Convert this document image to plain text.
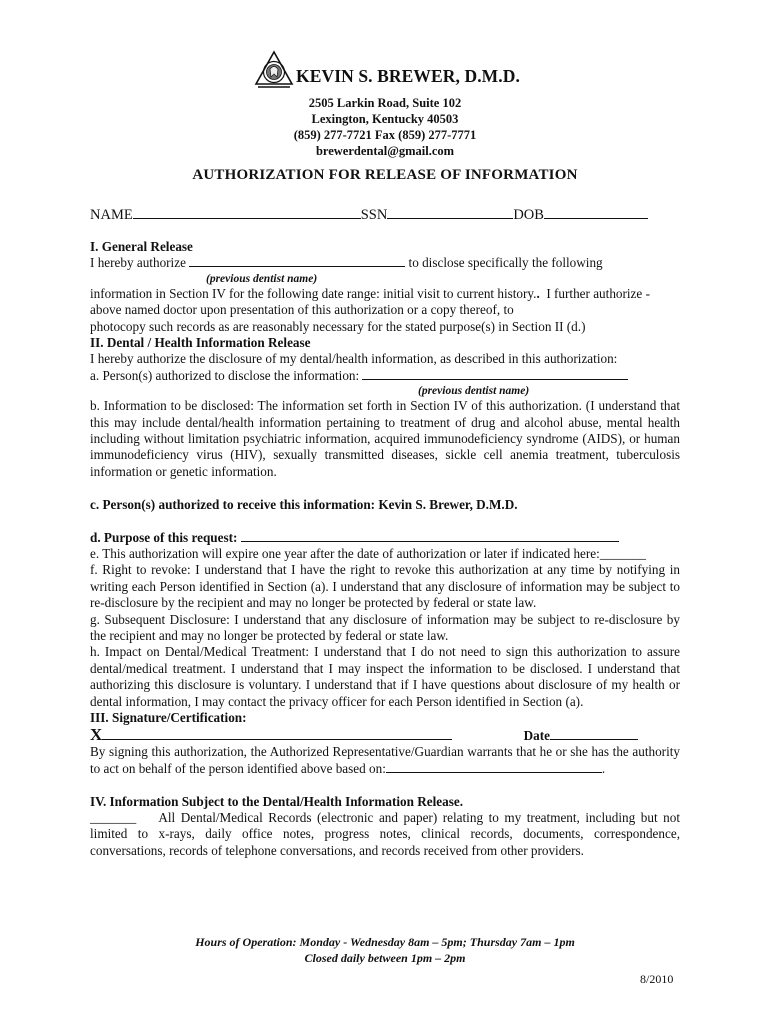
KEVIN S. BREWER, D.M.D.
2505 Larkin Road, Suite 102
Lexington, Kentucky 40503
(859) 277-7721 Fax (859) 277-7771
brewerdental@gmail.com
AUTHORIZATION FOR RELEASE OF INFORMATION
NAME	SSN	DOB

I. General Release

I hereby authorize	to disclose specifically the following

(previous dentist name)

information in Section IV for the following date range: initial visit to current history.. I further authorize -

above named doctor upon presentation of this authorization or a copy thereof, to

photocopy such records as are reasonably necessary for the stated purpose(s) in Section II (d.)

II. Dental / Health Information Release

I hereby authorize the disclosure of my dental/health information, as described in this authorization:

a. Person(s) authorized to disclose the information:

(previous dentist name)

b. Information to be disclosed: The information set forth in Section IV of this authorization. (I understand that this may include dental/health information pertaining to treatment of drug and alcohol abuse, mental health including without limitation psychiatric information, acquired immunodeficiency syndrome (AIDS), or human immunodeficiency virus (HIV), sexually transmitted diseases, sickle cell anemia treatment, tuberculosis information or genetic information.

c. Person(s) authorized to receive this information: Kevin S. Brewer, D.M.D.

d. Purpose of this request:

e. This authorization will expire one year after the date of authorization or later if indicated here:_______

f. Right to revoke: I understand that I have the right to revoke this authorization at any time by notifying in writing each Person identified in Section (a). I understand that any disclosure of information may be subject to re-disclosure by the recipient and may no longer be protected by federal or state law.

g. Subsequent Disclosure: I understand that any disclosure of information may be subject to re-disclosure by the recipient and may no longer be protected by federal or state law.

h. Impact on Dental/Medical Treatment: I understand that I do not need to sign this authorization to assure dental/medical treatment. I understand that I may inspect the information to be disclosed. I understand that authorizing this disclosure is voluntary. I understand that if I have questions about disclosure of my health or dental information, I may contact the privacy officer for each Person identified in Section (a).

III. Signature/Certification:

X	Date

By signing this authorization, the Authorized Representative/Guardian warrants that he or she has the authority to act on behalf of the person identified above based on:	.

IV. Information Subject to the Dental/Health Information Release.

_______ All Dental/Medical Records (electronic and paper) relating to my treatment, including but not limited to x-rays, daily office notes, progress notes, clinical records, documents, correspondence, conversations, records of telephone conversations, and records received from other providers.

Hours of Operation: Monday - Wednesday 8am – 5pm; Thursday 7am – 1pm
Closed daily between 1pm – 2pm
8/2010
